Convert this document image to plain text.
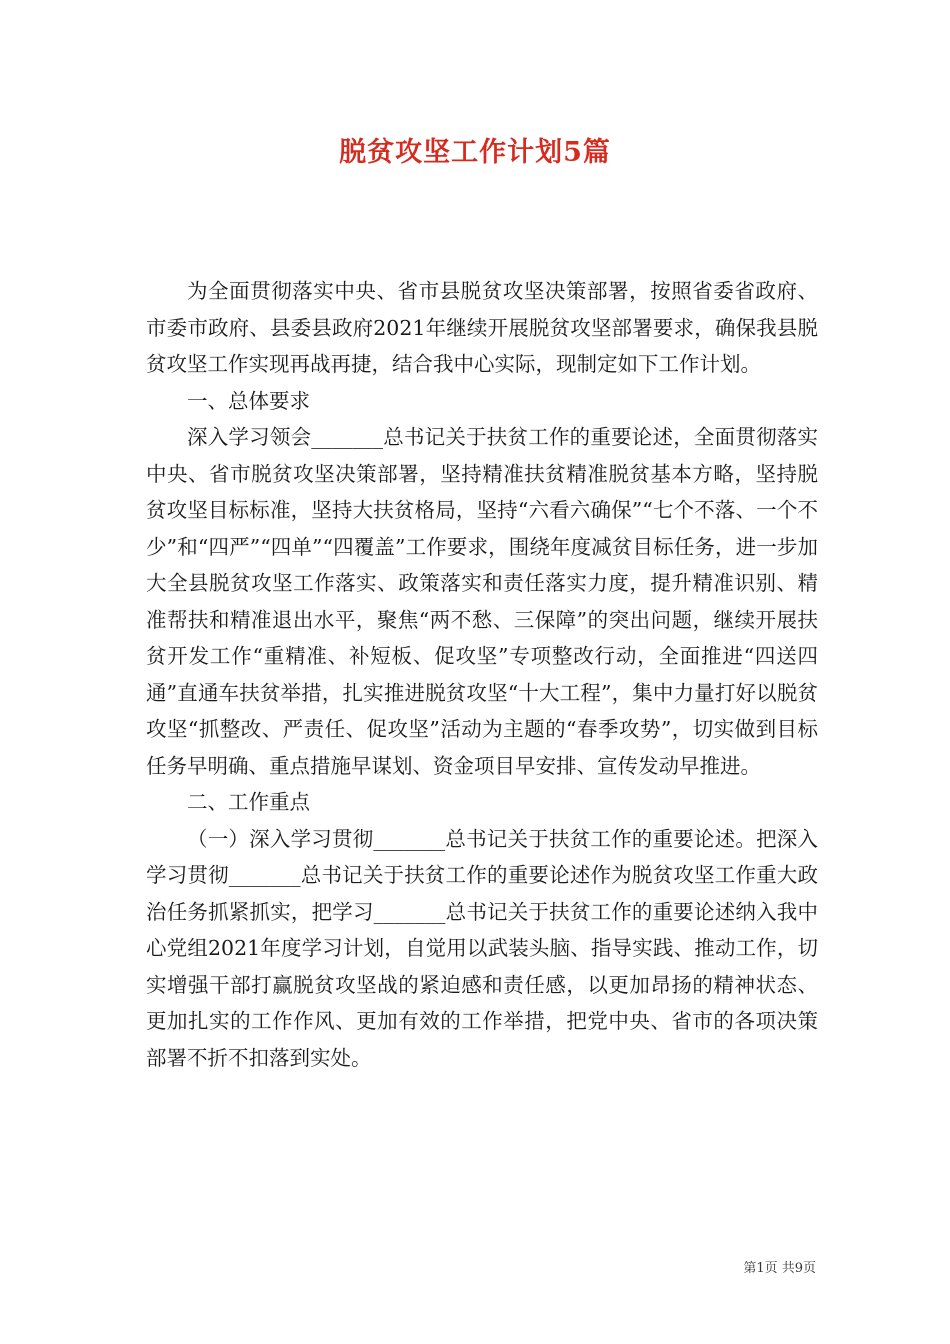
脱贫攻坚工作计划5篇

为全面贯彻落实中央、省市县脱贫攻坚决策部署，按照省委省政府、市委市政府、县委县政府2021年继续开展脱贫攻坚部署要求，确保我县脱贫攻坚工作实现再战再捷，结合我中心实际，现制定如下工作计划。

一、总体要求

深入学习领会_______总书记关于扶贫工作的重要论述，全面贯彻落实中央、省市脱贫攻坚决策部署，坚持精准扶贫精准脱贫基本方略，坚持脱贫攻坚目标标准，坚持大扶贫格局，坚持“六看六确保”“七个不落、一个不少”和“四严”“四单”“四覆盖”工作要求，围绕年度减贫目标任务，进一步加大全县脱贫攻坚工作落实、政策落实和责任落实力度，提升精准识别、精准帮扶和精准退出水平，聚焦“两不愁、三保障”的突出问题，继续开展扶贫开发工作“重精准、补短板、促攻坚”专项整改行动，全面推进“四送四通”直通车扶贫举措，扎实推进脱贫攻坚“十大工程”，集中力量打好以脱贫攻坚“抓整改、严责任、促攻坚”活动为主题的“春季攻势”，切实做到目标任务早明确、重点措施早谋划、资金项目早安排、宣传发动早推进。

二、工作重点

（一）深入学习贯彻_______总书记关于扶贫工作的重要论述。把深入学习贯彻_______总书记关于扶贫工作的重要论述作为脱贫攻坚工作重大政治任务抓紧抓实，把学习_______总书记关于扶贫工作的重要论述纳入我中心党组2021年度学习计划，自觉用以武装头脑、指导实践、推动工作，切实增强干部打赢脱贫攻坚战的紧迫感和责任感，以更加昂扬的精神状态、更加扎实的工作作风、更加有效的工作举措，把党中央、省市的各项决策部署不折不扣落到实处。

第1页 共9页
